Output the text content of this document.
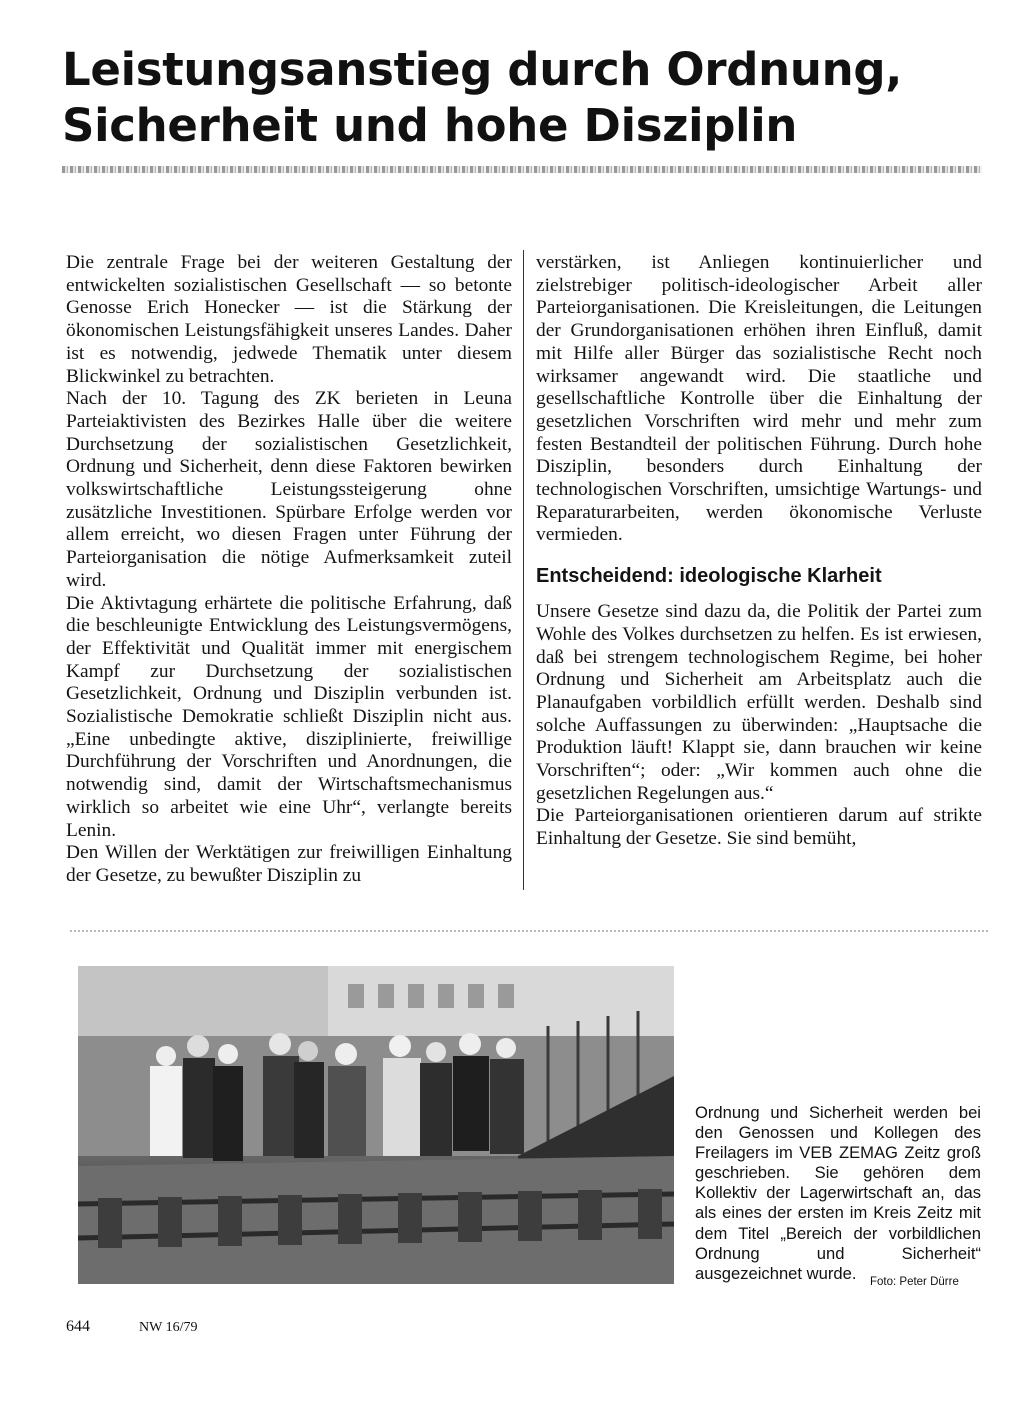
Leistungsanstieg durch Ordnung,
Sicherheit und hohe Disziplin

Die zentrale Frage bei der weiteren Gestaltung der entwickelten sozialistischen Gesellschaft — so betonte Genosse Erich Honecker — ist die Stärkung der ökonomischen Leistungsfähigkeit unseres Landes. Daher ist es notwendig, jedwede Thematik unter diesem Blickwinkel zu betrachten.

Nach der 10. Tagung des ZK berieten in Leuna Parteiaktivisten des Bezirkes Halle über die weitere Durchsetzung der sozialistischen Gesetzlichkeit, Ordnung und Sicherheit, denn diese Faktoren bewirken volkswirtschaftliche Leistungssteigerung ohne zusätzliche Investitionen. Spürbare Erfolge werden vor allem erreicht, wo diesen Fragen unter Führung der Parteiorganisation die nötige Aufmerksamkeit zuteil wird.

Die Aktivtagung erhärtete die politische Erfahrung, daß die beschleunigte Entwicklung des Leistungsvermögens, der Effektivität und Qualität immer mit energischem Kampf zur Durchsetzung der sozialistischen Gesetzlichkeit, Ordnung und Disziplin verbunden ist. Sozialistische Demokratie schließt Disziplin nicht aus. „Eine unbedingte aktive, disziplinierte, freiwillige Durchführung der Vorschriften und Anordnungen, die notwendig sind, damit der Wirtschaftsmechanismus wirklich so arbeitet wie eine Uhr“, verlangte bereits Lenin.

Den Willen der Werktätigen zur freiwilligen Einhaltung der Gesetze, zu bewußter Disziplin zu

verstärken, ist Anliegen kontinuierlicher und zielstrebiger politisch-ideologischer Arbeit aller Parteiorganisationen. Die Kreisleitungen, die Leitungen der Grundorganisationen erhöhen ihren Einfluß, damit mit Hilfe aller Bürger das sozialistische Recht noch wirksamer angewandt wird. Die staatliche und gesellschaftliche Kontrolle über die Einhaltung der gesetzlichen Vorschriften wird mehr und mehr zum festen Bestandteil der politischen Führung. Durch hohe Disziplin, besonders durch Einhaltung der technologischen Vorschriften, umsichtige Wartungs- und Reparaturarbeiten, werden ökonomische Verluste vermieden.

Entscheidend: ideologische Klarheit

Unsere Gesetze sind dazu da, die Politik der Partei zum Wohle des Volkes durchsetzen zu helfen. Es ist erwiesen, daß bei strengem technologischem Regime, bei hoher Ordnung und Sicherheit am Arbeitsplatz auch die Planaufgaben vorbildlich erfüllt werden. Deshalb sind solche Auffassungen zu überwinden: „Hauptsache die Produktion läuft! Klappt sie, dann brauchen wir keine Vorschriften“; oder: „Wir kommen auch ohne die gesetzlichen Regelungen aus.“

Die Parteiorganisationen orientieren darum auf strikte Einhaltung der Gesetze. Sie sind bemüht,

Ordnung und Sicherheit werden bei den Genossen und Kollegen des Freilagers im VEB ZEMAG Zeitz groß geschrieben. Sie gehören dem Kollektiv der Lagerwirtschaft an, das als eines der ersten im Kreis Zeitz mit dem Titel „Bereich der vorbildlichen Ordnung und Sicherheit“ ausgezeichnet wurde.	Foto: Peter Dürre
644	NW 16/79
